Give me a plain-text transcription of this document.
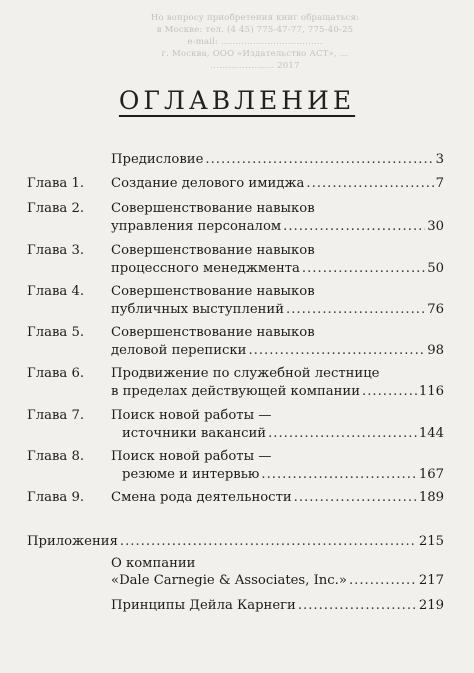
Но вопросу приобретения книг обращаться:
в Москве: тел. (4 45) 775-47-77, 775-40-25
e-mail: ...................................
г. Москва, ООО «Издательство АСТ», ...
...................... 2017
ОГЛАВЛЕНИЕ
Предисловие .....	3
Глава 1. Создание делового имиджа .....	7
Глава 2. Совершенствование навыков
управления персоналом .....	30
Глава 3. Совершенствование навыков
процессного менеджмента .....	50
Глава 4. Совершенствование навыков
публичных выступлений .....	76
Глава 5. Совершенствование навыков
деловой переписки .....	98
Глава 6. Продвижение по служебной лестнице
в пределах действующей компании .....	116
Глава 7. Поиск новой работы —
источники вакансий .....	144
Глава 8. Поиск новой работы —
резюме и интервью .....	167
Глава 9. Смена рода деятельности .....	189
Приложения .....	215
О компании
«Dale Carnegie & Associates, Inc.» .....	217
Принципы Дейла Карнеги .....	219
